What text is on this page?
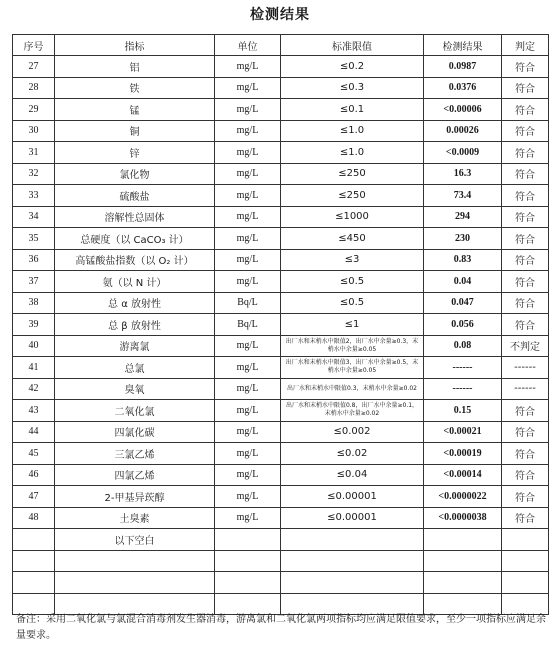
检测结果
序号	指标	单位	标准限值	检测结果	判定
27	铝	mg/L	≤0.2	0.0987	符合
28	铁	mg/L	≤0.3	0.0376	符合
29	锰	mg/L	≤0.1	<0.00006	符合
30	铜	mg/L	≤1.0	0.00026	符合
31	锌	mg/L	≤1.0	<0.0009	符合
32	氯化物	mg/L	≤250	16.3	符合
33	硫酸盐	mg/L	≤250	73.4	符合
34	溶解性总固体	mg/L	≤1000	294	符合
35	总硬度（以 CaCO₃ 计）	mg/L	≤450	230	符合
36	高锰酸盐指数（以 O₂ 计）	mg/L	≤3	0.83	符合
37	氨（以 N 计）	mg/L	≤0.5	0.04	符合
38	总 α 放射性	Bq/L	≤0.5	0.047	符合
39	总 β 放射性	Bq/L	≤1	0.056	符合
40	游离氯	mg/L	出厂水和末梢水中限值2，出厂水中余量≥0.3，末梢水中余量≥0.05	0.08	不判定
41	总氯	mg/L	出厂水和末梢水中限值3，出厂水中余量≥0.5，末梢水中余量≥0.05	------	------
42	臭氧	mg/L	出厂水和末梢水中限值0.3，末梢水中余量≥0.02	------	------
43	二氧化氯	mg/L	出厂水和末梢水中限值0.8，出厂水中余量≥0.1，末梢水中余量≥0.02	0.15	符合
44	四氯化碳	mg/L	≤0.002	<0.00021	符合
45	三氯乙烯	mg/L	≤0.02	<0.00019	符合
46	四氯乙烯	mg/L	≤0.04	<0.00014	符合
47	2-甲基异莰醇	mg/L	≤0.00001	<0.0000022	符合
48	土臭素	mg/L	≤0.00001	<0.0000038	符合
	以下空白				

备注：采用二氧化氯与氯混合消毒剂发生器消毒，游离氯和二氧化氯两项指标均应满足限值要求，至少一项指标应满足余量要求。
